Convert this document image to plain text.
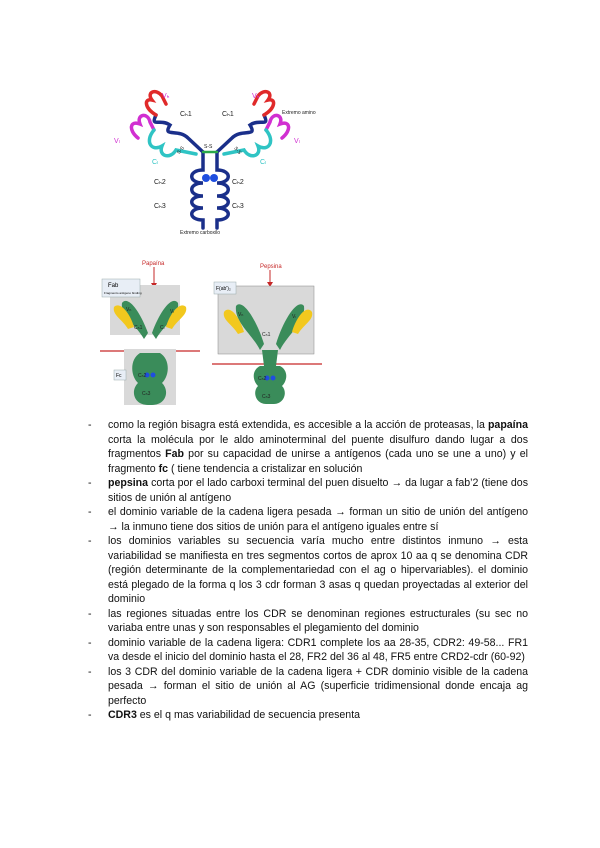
Vₕ	Vₕ
Cₕ1	Cₕ1
Vₗ	Vₗ
Cₗ	Cₗ
S-S	S-S	S-S
Cₕ2	Cₕ2
Cₕ3	Cₕ3
Extremo amino
Extremo carboxilo
Papaína
Fab
Fragmento antígeno binding
Vₕ	Vₗ
Cₕ1	Cₗ
Fc	Cₕ2
Cₕ3
Pepsina
F(ab')₂
Vₕ	Vₗ
Cₕ1
Cₕ2
Cₕ3
- como la región bisagra está extendida, es accesible a la acción de proteasas, la papaína corta la molécula por le aldo aminoterminal del puente disulfuro dando lugar a dos fragmentos Fab por su capacidad de unirse a antígenos (cada uno se une a uno) y el fragmento fc ( tiene tendencia a cristalizar en solución
- pepsina corta por el lado carboxi terminal del puen disuelto → da lugar a fab’2 (tiene dos sitios de unión al antígeno
- el dominio variable de la cadena ligera pesada → forman un sitio de unión del antígeno → la inmuno tiene dos sitios de unión para el antígeno iguales entre sí
- los dominios variables su secuencia varía mucho entre distintos inmuno → esta variabilidad se manifiesta en tres segmentos cortos de aprox 10 aa q se denomina CDR (región determinante de la complementariedad con el ag o hipervariables). el dominio está plegado de la forma q los 3 cdr forman 3 asas q quedan proyectadas al exterior del dominio
- las regiones situadas entre los CDR se denominan regiones estructurales (su sec no variaba entre unas y son responsables el plegamiento del dominio
- dominio variable de la cadena ligera: CDR1 complete los aa 28-35, CDR2: 49-58... FR1 va desde el inicio del dominio hasta el 28, FR2 del 36 al 48, FR5 entre CRD2-cdr (60-92)
- los 3 CDR del dominio variable de la cadena ligera + CDR dominio visible de la cadena pesada → forman el sitio de unión al AG (superficie tridimensional donde encaja ag perfecto
- CDR3 es el q mas variabilidad de secuencia presenta
